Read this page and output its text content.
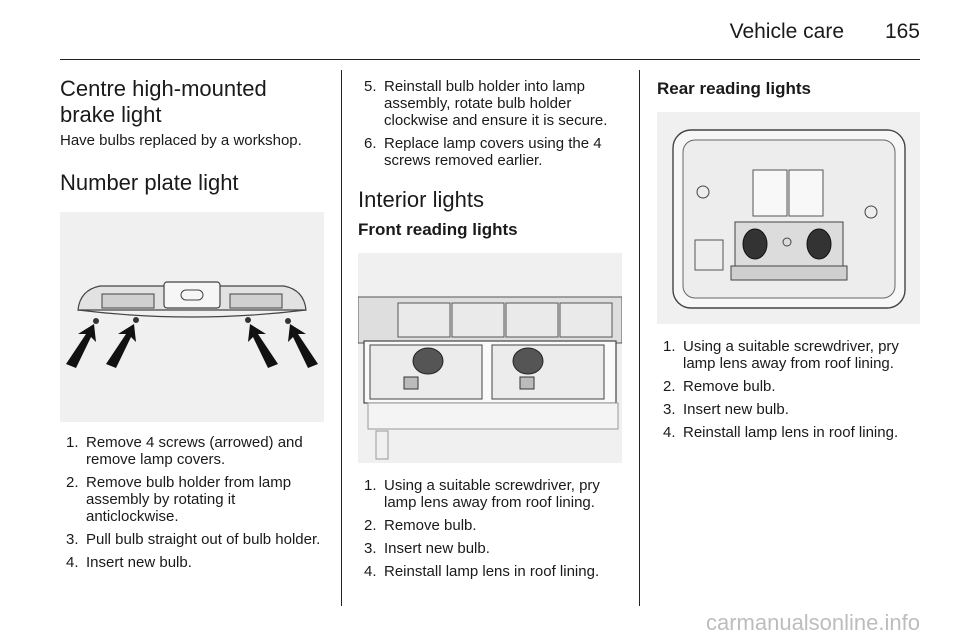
Vehicle care 165
Centre high-mounted
brake light

Have bulbs replaced by a workshop.

Number plate light
1. Remove 4 screws (arrowed) and remove lamp covers.
2. Remove bulb holder from lamp assembly by rotating it anticlockwise.
3. Pull bulb straight out of bulb holder.
4. Insert new bulb.
5. Reinstall bulb holder into lamp assembly, rotate bulb holder clockwise and ensure it is secure.
6. Replace lamp covers using the 4 screws removed earlier.
Interior lights
Front reading lights
1. Using a suitable screwdriver, pry lamp lens away from roof lining.
2. Remove bulb.
3. Insert new bulb.
4. Reinstall lamp lens in roof lining.
Rear reading lights
1. Using a suitable screwdriver, pry lamp lens away from roof lining.
2. Remove bulb.
3. Insert new bulb.
4. Reinstall lamp lens in roof lining.
carmanualsonline.info
